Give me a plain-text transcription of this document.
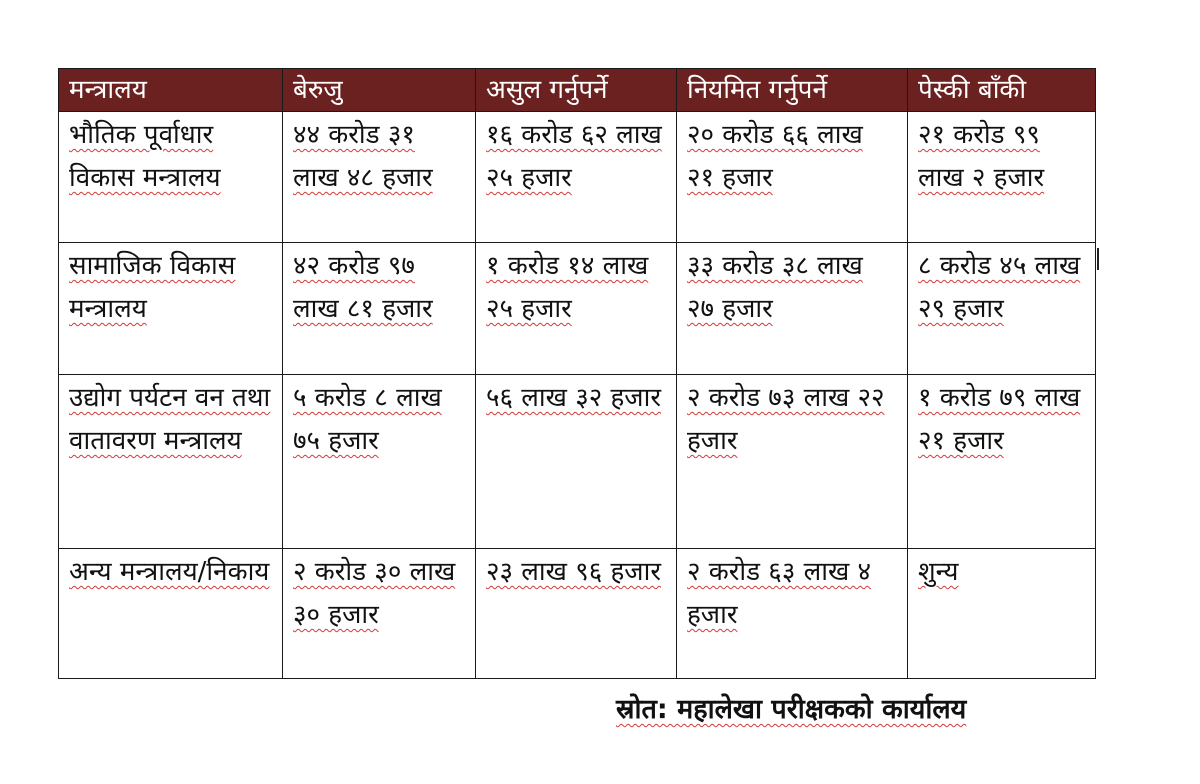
मन्त्रालय	बेरुजु	असुल गर्नुपर्ने	नियमित गर्नुपर्ने	पेस्की बाँकी
भौतिक पूर्वाधार विकास मन्त्रालय	४४ करोड ३१ लाख ४८ हजार	१६ करोड ६२ लाख २५ हजार	२० करोड ६६ लाख २१ हजार	२१ करोड ९९ लाख २ हजार
सामाजिक विकास मन्त्रालय	४२ करोड ९७ लाख ८१ हजार	१ करोड १४ लाख २५ हजार	३३ करोड ३८ लाख २७ हजार	८ करोड ४५ लाख २९ हजार
उद्योग पर्यटन वन तथा वातावरण मन्त्रालय	५ करोड ८ लाख ७५ हजार	५६ लाख ३२ हजार	२ करोड ७३ लाख २२ हजार	१ करोड ७९ लाख २१ हजार
अन्य मन्त्रालय/निकाय	२ करोड ३० लाख ३० हजार	२३ लाख ९६ हजार	२ करोड ६३ लाख ४ हजार	शुन्य
स्रोत: महालेखा परीक्षकको कार्यालय
